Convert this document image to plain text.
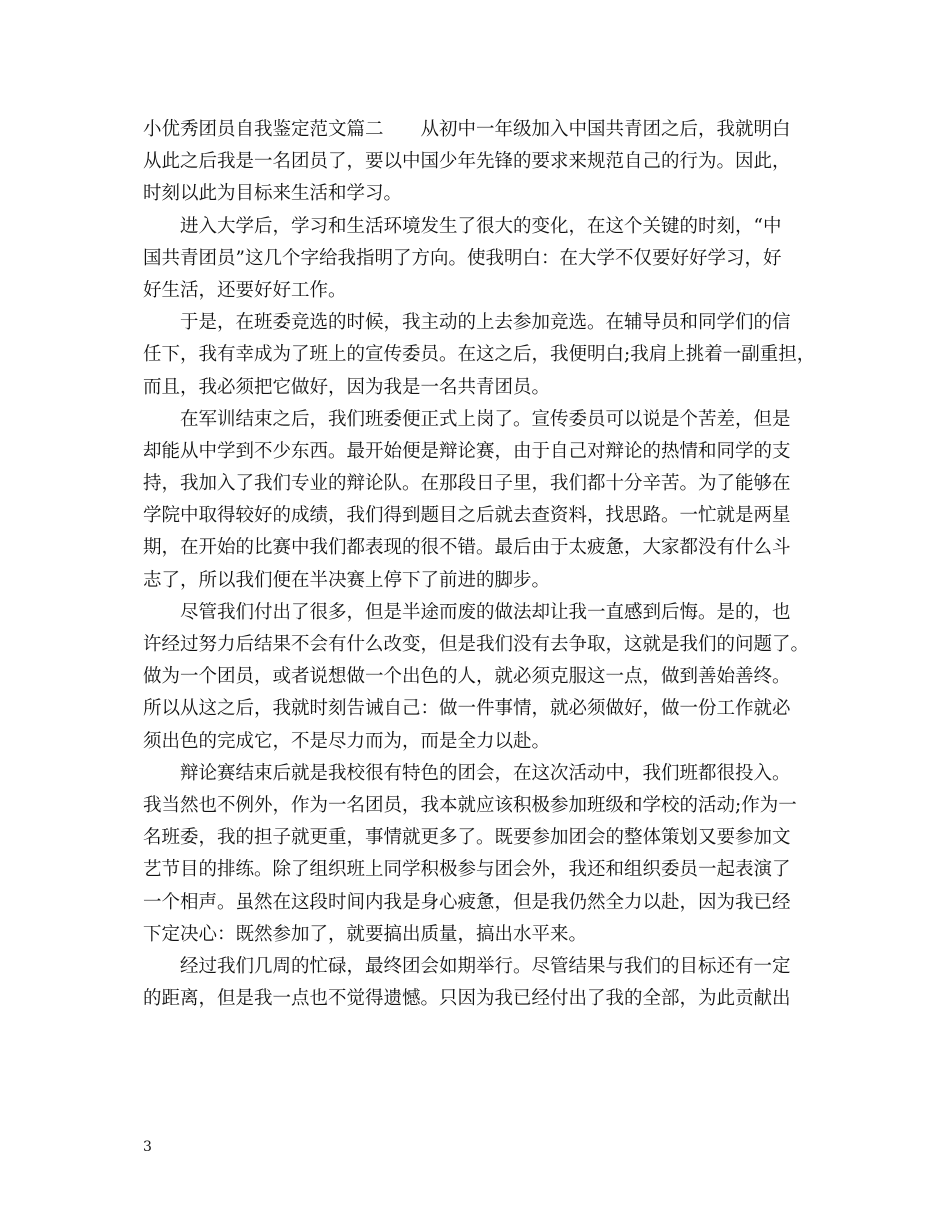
小优秀团员自我鉴定范文篇二　　从初中一年级加入中国共青团之后，我就明白
从此之后我是一名团员了，要以中国少年先锋的要求来规范自己的行为。因此，
时刻以此为目标来生活和学习。
　　进入大学后，学习和生活环境发生了很大的变化，在这个关键的时刻，“中
国共青团员”这几个字给我指明了方向。使我明白：在大学不仅要好好学习，好
好生活，还要好好工作。
　　于是，在班委竞选的时候，我主动的上去参加竞选。在辅导员和同学们的信
任下，我有幸成为了班上的宣传委员。在这之后，我便明白;我肩上挑着一副重担，
而且，我必须把它做好，因为我是一名共青团员。
　　在军训结束之后，我们班委便正式上岗了。宣传委员可以说是个苦差，但是
却能从中学到不少东西。最开始便是辩论赛，由于自己对辩论的热情和同学的支
持，我加入了我们专业的辩论队。在那段日子里，我们都十分辛苦。为了能够在
学院中取得较好的成绩，我们得到题目之后就去查资料，找思路。一忙就是两星
期，在开始的比赛中我们都表现的很不错。最后由于太疲惫，大家都没有什么斗
志了，所以我们便在半决赛上停下了前进的脚步。
　　尽管我们付出了很多，但是半途而废的做法却让我一直感到后悔。是的，也
许经过努力后结果不会有什么改变，但是我们没有去争取，这就是我们的问题了。
做为一个团员，或者说想做一个出色的人，就必须克服这一点，做到善始善终。
所以从这之后，我就时刻告诫自己：做一件事情，就必须做好，做一份工作就必
须出色的完成它，不是尽力而为，而是全力以赴。
　　辩论赛结束后就是我校很有特色的团会，在这次活动中，我们班都很投入。
我当然也不例外，作为一名团员，我本就应该积极参加班级和学校的活动;作为一
名班委，我的担子就更重，事情就更多了。既要参加团会的整体策划又要参加文
艺节目的排练。除了组织班上同学积极参与团会外，我还和组织委员一起表演了
一个相声。虽然在这段时间内我是身心疲惫，但是我仍然全力以赴，因为我已经
下定决心：既然参加了，就要搞出质量，搞出水平来。
　　经过我们几周的忙碌，最终团会如期举行。尽管结果与我们的目标还有一定
的距离，但是我一点也不觉得遗憾。只因为我已经付出了我的全部，为此贡献出
3
